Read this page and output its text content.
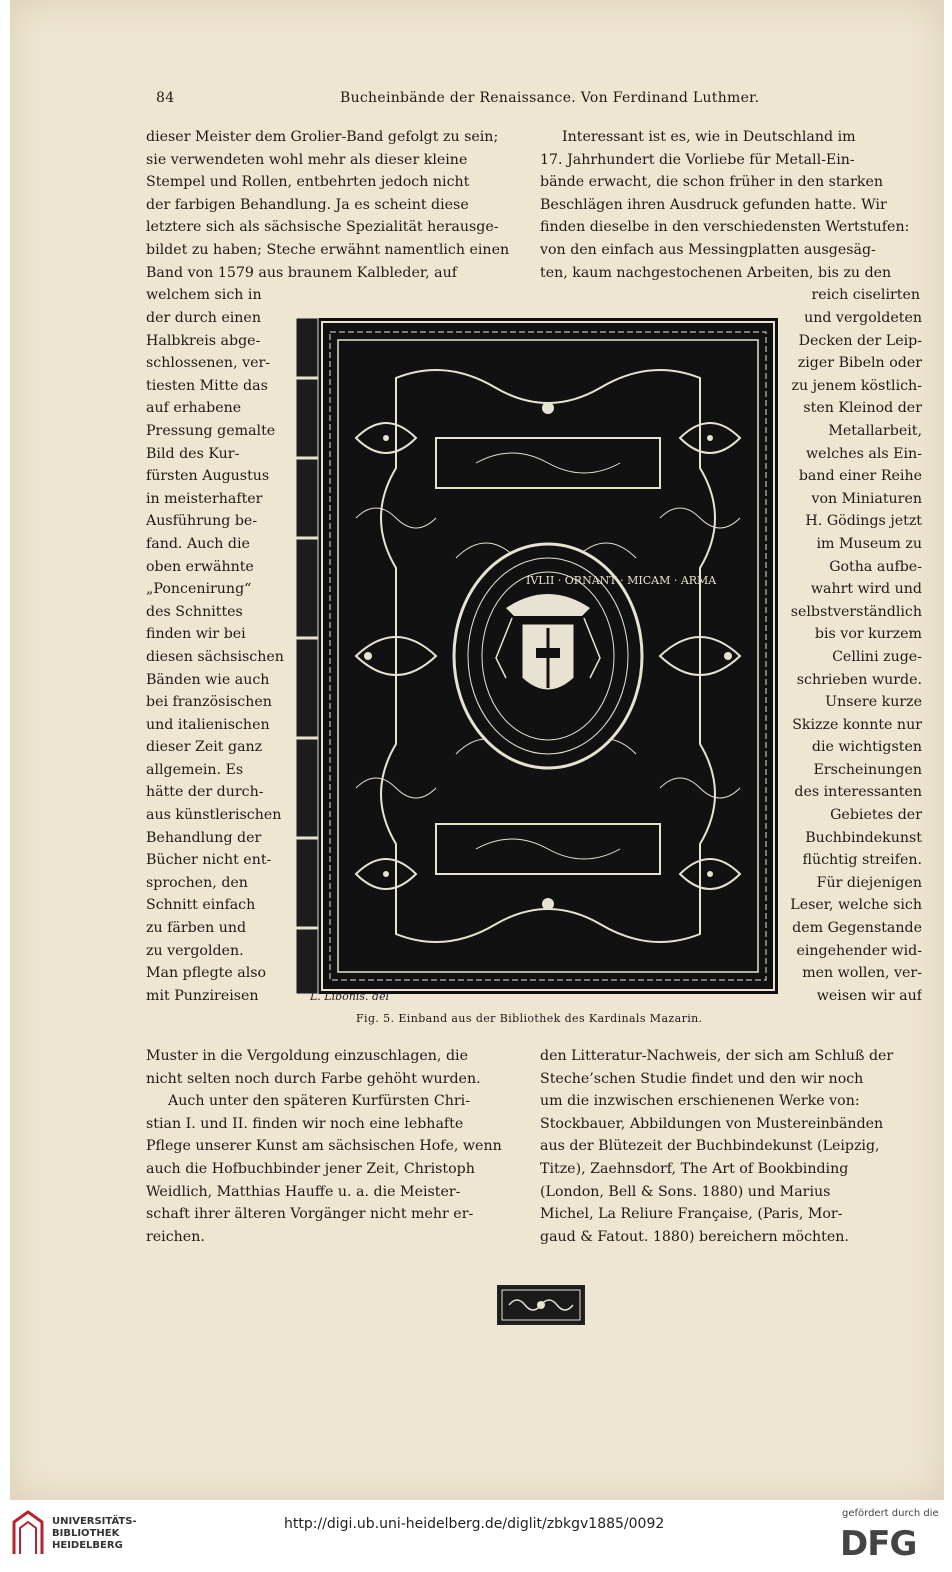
84	Bucheinbände der Renaissance. Von Ferdinand Luthmer.
dieser Meister dem Grolier-Band gefolgt zu sein;
sie verwendeten wohl mehr als dieser kleine
Stempel und Rollen, entbehrten jedoch nicht
der farbigen Behandlung. Ja es scheint diese
letztere sich als sächsische Spezialität herausge-
bildet zu haben; Steche erwähnt namentlich einen
Band von 1579 aus braunem Kalbleder, auf
welchem sich in
Interessant ist es, wie in Deutschland im
17. Jahrhundert die Vorliebe für Metall-Ein-
bände erwacht, die schon früher in den starken
Beschlägen ihren Ausdruck gefunden hatte. Wir
finden dieselbe in den verschiedensten Wertstufen:
von den einfach aus Messingplatten ausgesäg-
ten, kaum nachgestochenen Arbeiten, bis zu den
reich ciselirten
der durch einen
Halbkreis abge-
schlossenen, ver-
tiesten Mitte das
auf erhabene
Pressung gemalte
Bild des Kur-
fürsten Augustus
in meisterhafter
Ausführung be-
fand. Auch die
oben erwähnte
„Poncenirung“
des Schnittes
finden wir bei
diesen sächsischen
Bänden wie auch
bei französischen
und italienischen
dieser Zeit ganz
allgemein. Es
hätte der durch-
aus künstlerischen
Behandlung der
Bücher nicht ent-
sprochen, den
Schnitt einfach
zu färben und
zu vergolden.
Man pflegte also
mit Punzireisen
und vergoldeten
Decken der Leip-
ziger Bibeln oder
zu jenem köstlich-
sten Kleinod der
Metallarbeit,
welches als Ein-
band einer Reihe
von Miniaturen
H. Gödings jetzt
im Museum zu
Gotha aufbe-
wahrt wird und
selbstverständlich
bis vor kurzem
Cellini zuge-
schrieben wurde.
Unsere kurze
Skizze konnte nur
die wichtigsten
Erscheinungen
des interessanten
Gebietes der
Buchbindekunst
flüchtig streifen.
Für diejenigen
Leser, welche sich
dem Gegenstande
eingehender wid-
men wollen, ver-
weisen wir auf
IVLII · ORNANT · MICAM · ARMA
L. Libonis. del
Fig. 5. Einband aus der Bibliothek des Kardinals Mazarin.
Muster in die Vergoldung einzuschlagen, die
nicht selten noch durch Farbe gehöht wurden.
Auch unter den späteren Kurfürsten Chri-
stian I. und II. finden wir noch eine lebhafte
Pflege unserer Kunst am sächsischen Hofe, wenn
auch die Hofbuchbinder jener Zeit, Christoph
Weidlich, Matthias Hauffe u. a. die Meister-
schaft ihrer älteren Vorgänger nicht mehr er-
reichen.
den Litteratur-Nachweis, der sich am Schluß der
Steche’schen Studie findet und den wir noch
um die inzwischen erschienenen Werke von:
Stockbauer, Abbildungen von Mustereinbänden
aus der Blütezeit der Buchbindekunst (Leipzig,
Titze), Zaehnsdorf, The Art of Bookbinding
(London, Bell & Sons. 1880) und Marius
Michel, La Reliure Française, (Paris, Mor-
gaud & Fatout. 1880) bereichern möchten.
UNIVERSITÄTS-
BIBLIOTHEK
HEIDELBERG
http://digi.ub.uni-heidelberg.de/diglit/zbkgv1885/0092
gefördert durch die
DFG
